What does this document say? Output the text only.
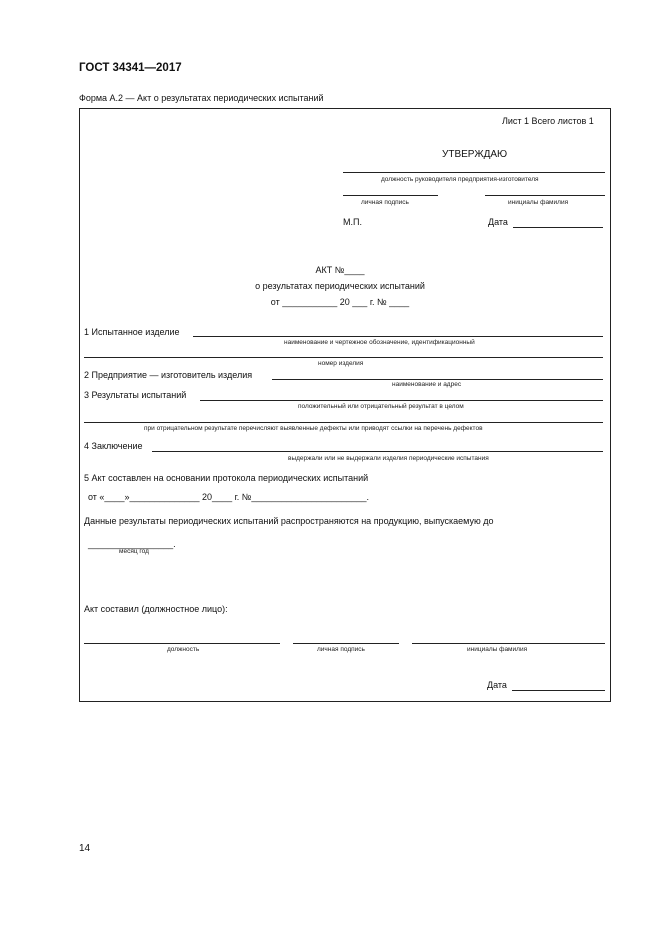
ГОСТ 34341—2017
Форма А.2 — Акт о результатах периодических испытаний
Лист 1 Всего листов 1
УТВЕРЖДАЮ
должность руководителя предприятия-изготовителя
личная подпись	инициалы фамилия
М.П.	Дата
АКТ №____
о результатах периодических испытаний
от ___________ 20 ___ г. № ____
1 Испытанное изделие
наименование и чертежное обозначение, идентификационный
номер изделия
2 Предприятие — изготовитель изделия
наименование и адрес
3 Результаты испытаний
положительный или отрицательный результат в целом
при отрицательном результате перечисляют выявленные дефекты или приводят ссылки на перечень дефектов
4 Заключение
выдержали или не выдержали изделия периодические испытания
5 Акт составлен на основании протокола периодических испытаний
от «____»______________ 20____ г. №_______________________.
Данные результаты периодических испытаний распространяются на продукцию, выпускаемую до
_________________.
месяц год
Акт составил (должностное лицо):
должность	личная подпись	инициалы фамилия
Дата
14
